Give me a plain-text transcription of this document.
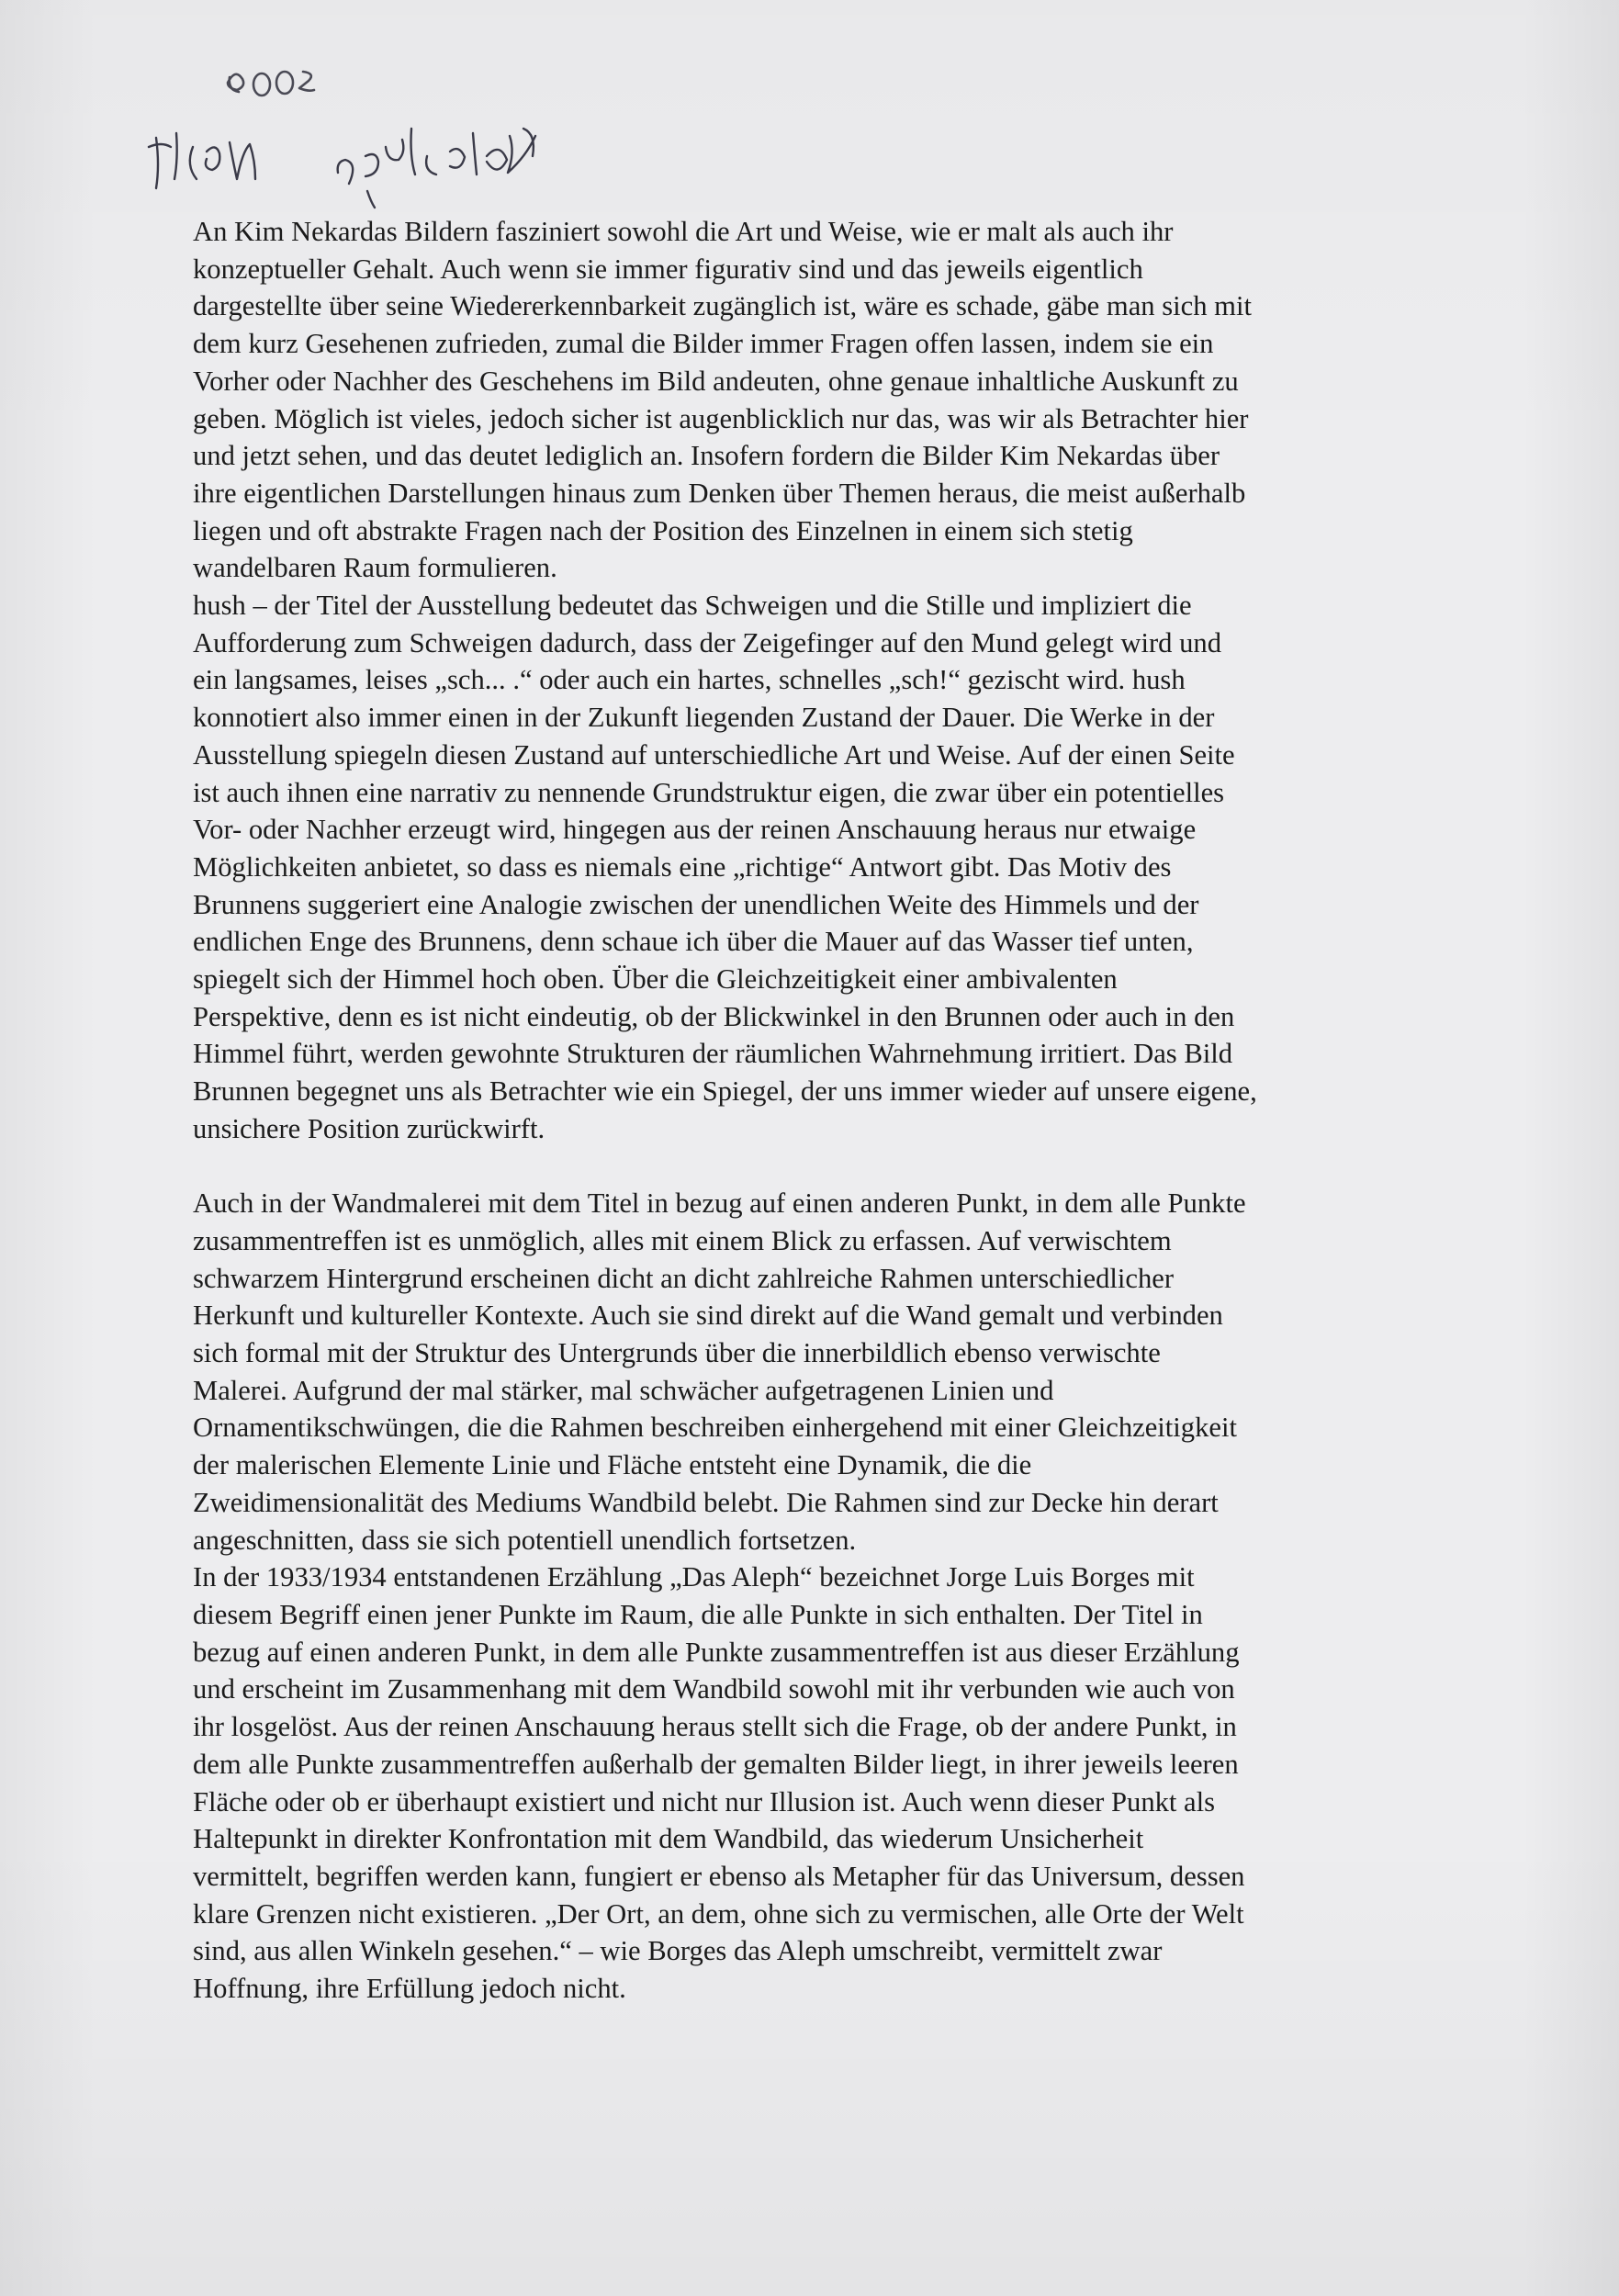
An Kim Nekardas Bildern fasziniert sowohl die Art und Weise, wie er malt als auch ihr
konzeptueller Gehalt. Auch wenn sie immer figurativ sind und das jeweils eigentlich
dargestellte über seine Wiedererkennbarkeit zugänglich ist, wäre es schade, gäbe man sich mit
dem kurz Gesehenen zufrieden, zumal die Bilder immer Fragen offen lassen, indem sie ein
Vorher oder Nachher des Geschehens im Bild andeuten, ohne genaue inhaltliche Auskunft zu
geben. Möglich ist vieles, jedoch sicher ist augenblicklich nur das, was wir als Betrachter hier
und jetzt sehen, und das deutet lediglich an. Insofern fordern die Bilder Kim Nekardas über
ihre eigentlichen Darstellungen hinaus zum Denken über Themen heraus, die meist außerhalb
liegen und oft abstrakte Fragen nach der Position des Einzelnen in einem sich stetig
wandelbaren Raum formulieren.

hush – der Titel der Ausstellung bedeutet das Schweigen und die Stille und impliziert die
Aufforderung zum Schweigen dadurch, dass der Zeigefinger auf den Mund gelegt wird und
ein langsames, leises „sch... .“ oder auch ein hartes, schnelles „sch!“ gezischt wird. hush
konnotiert also immer einen in der Zukunft liegenden Zustand der Dauer. Die Werke in der
Ausstellung spiegeln diesen Zustand auf unterschiedliche Art und Weise. Auf der einen Seite
ist auch ihnen eine narrativ zu nennende Grundstruktur eigen, die zwar über ein potentielles
Vor- oder Nachher erzeugt wird, hingegen aus der reinen Anschauung heraus nur etwaige
Möglichkeiten anbietet, so dass es niemals eine „richtige“ Antwort gibt. Das Motiv des
Brunnens suggeriert eine Analogie zwischen der unendlichen Weite des Himmels und der
endlichen Enge des Brunnens, denn schaue ich über die Mauer auf das Wasser tief unten,
spiegelt sich der Himmel hoch oben. Über die Gleichzeitigkeit einer ambivalenten
Perspektive, denn es ist nicht eindeutig, ob der Blickwinkel in den Brunnen oder auch in den
Himmel führt, werden gewohnte Strukturen der räumlichen Wahrnehmung irritiert. Das Bild
Brunnen begegnet uns als Betrachter wie ein Spiegel, der uns immer wieder auf unsere eigene,
unsichere Position zurückwirft.

Auch in der Wandmalerei mit dem Titel in bezug auf einen anderen Punkt, in dem alle Punkte
zusammentreffen ist es unmöglich, alles mit einem Blick zu erfassen. Auf verwischtem
schwarzem Hintergrund erscheinen dicht an dicht zahlreiche Rahmen unterschiedlicher
Herkunft und kultureller Kontexte. Auch sie sind direkt auf die Wand gemalt und verbinden
sich formal mit der Struktur des Untergrunds über die innerbildlich ebenso verwischte
Malerei. Aufgrund der mal stärker, mal schwächer aufgetragenen Linien und
Ornamentikschwüngen, die die Rahmen beschreiben einhergehend mit einer Gleichzeitigkeit
der malerischen Elemente Linie und Fläche entsteht eine Dynamik, die die
Zweidimensionalität des Mediums Wandbild belebt. Die Rahmen sind zur Decke hin derart
angeschnitten, dass sie sich potentiell unendlich fortsetzen.

In der 1933/1934 entstandenen Erzählung „Das Aleph“ bezeichnet Jorge Luis Borges mit
diesem Begriff einen jener Punkte im Raum, die alle Punkte in sich enthalten. Der Titel in
bezug auf einen anderen Punkt, in dem alle Punkte zusammentreffen ist aus dieser Erzählung
und erscheint im Zusammenhang mit dem Wandbild sowohl mit ihr verbunden wie auch von
ihr losgelöst. Aus der reinen Anschauung heraus stellt sich die Frage, ob der andere Punkt, in
dem alle Punkte zusammentreffen außerhalb der gemalten Bilder liegt, in ihrer jeweils leeren
Fläche oder ob er überhaupt existiert und nicht nur Illusion ist. Auch wenn dieser Punkt als
Haltepunkt in direkter Konfrontation mit dem Wandbild, das wiederum Unsicherheit
vermittelt, begriffen werden kann, fungiert er ebenso als Metapher für das Universum, dessen
klare Grenzen nicht existieren. „Der Ort, an dem, ohne sich zu vermischen, alle Orte der Welt
sind, aus allen Winkeln gesehen.“ – wie Borges das Aleph umschreibt, vermittelt zwar
Hoffnung, ihre Erfüllung jedoch nicht.
